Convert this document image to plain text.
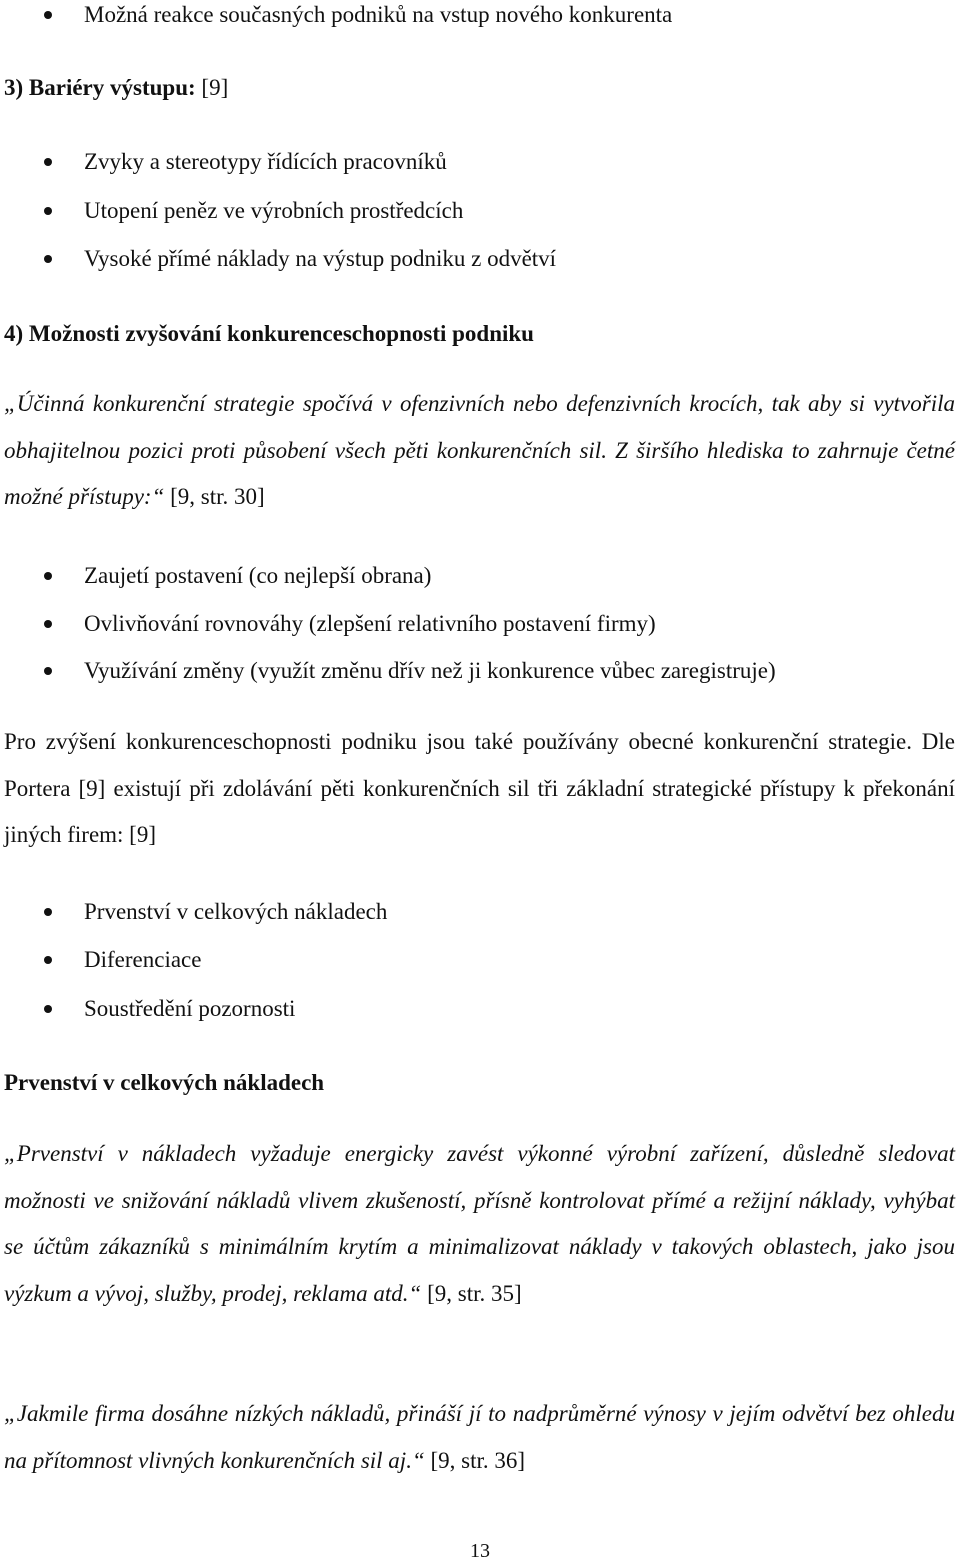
Možná reakce současných podniků na vstup nového konkurenta

3) Bariéry výstupu: [9]

Zvyky a stereotypy řídících pracovníků

Utopení peněz ve výrobních prostředcích

Vysoké přímé náklady na výstup podniku z odvětví

4) Možnosti zvyšování konkurenceschopnosti podniku

„Účinná konkurenční strategie spočívá v ofenzivních nebo defenzivních krocích, tak aby si vytvořila obhajitelnou pozici proti působení všech pěti konkurenčních sil. Z širšího hlediska to zahrnuje četné možné přístupy:“ [9, str. 30]

Zaujetí postavení (co nejlepší obrana)

Ovlivňování rovnováhy (zlepšení relativního postavení firmy)

Využívání změny (využít změnu dřív než ji konkurence vůbec zaregistruje)

Pro zvýšení konkurenceschopnosti podniku jsou také používány obecné konkurenční strategie. Dle Portera [9] existují při zdolávání pěti konkurenčních sil tři základní strategické přístupy k překonání jiných firem: [9]

Prvenství v celkových nákladech

Diferenciace

Soustředění pozornosti

Prvenství v celkových nákladech

„Prvenství v nákladech vyžaduje energicky zavést výkonné výrobní zařízení, důsledně sledovat možnosti ve snižování nákladů vlivem zkušeností, přísně kontrolovat přímé a režijní náklady, vyhýbat se účtům zákazníků s minimálním krytím a minimalizovat náklady v takových oblastech, jako jsou výzkum a vývoj, služby, prodej, reklama atd.“ [9, str. 35]

„Jakmile firma dosáhne nízkých nákladů, přináší jí to nadprůměrné výnosy v jejím odvětví bez ohledu na přítomnost vlivných konkurenčních sil aj.“ [9, str. 36]

13
